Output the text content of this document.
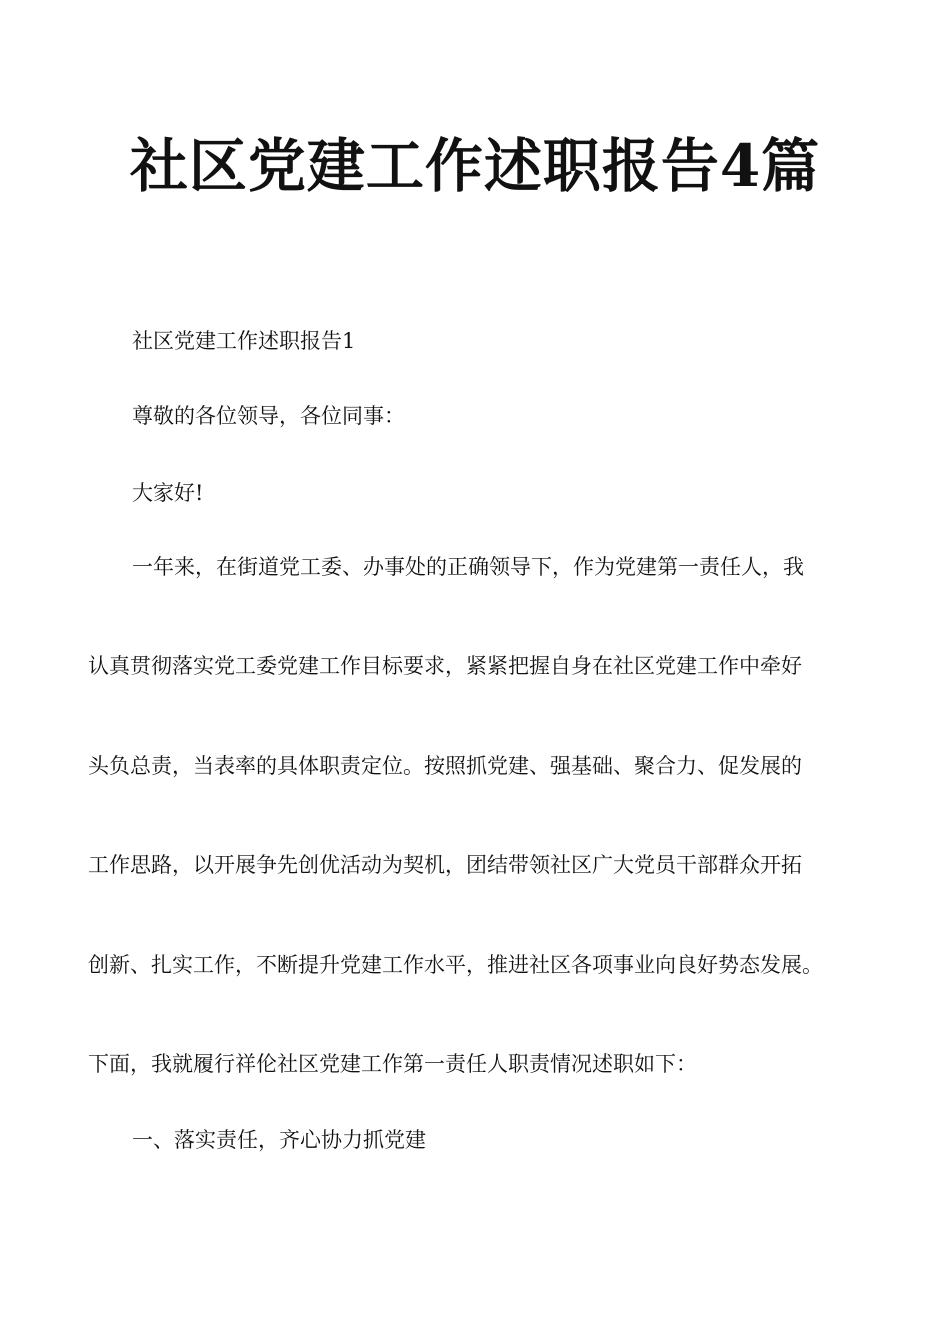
社区党建工作述职报告4篇

社区党建工作述职报告1

尊敬的各位领导，各位同事：

大家好!

一年来，在街道党工委、办事处的正确领导下，作为党建第一责任人，我

认真贯彻落实党工委党建工作目标要求，紧紧把握自身在社区党建工作中牵好

头负总责，当表率的具体职责定位。按照抓党建、强基础、聚合力、促发展的

工作思路，以开展争先创优活动为契机，团结带领社区广大党员干部群众开拓

创新、扎实工作，不断提升党建工作水平，推进社区各项事业向良好势态发展。

下面，我就履行祥伦社区党建工作第一责任人职责情况述职如下：

一、落实责任，齐心协力抓党建
